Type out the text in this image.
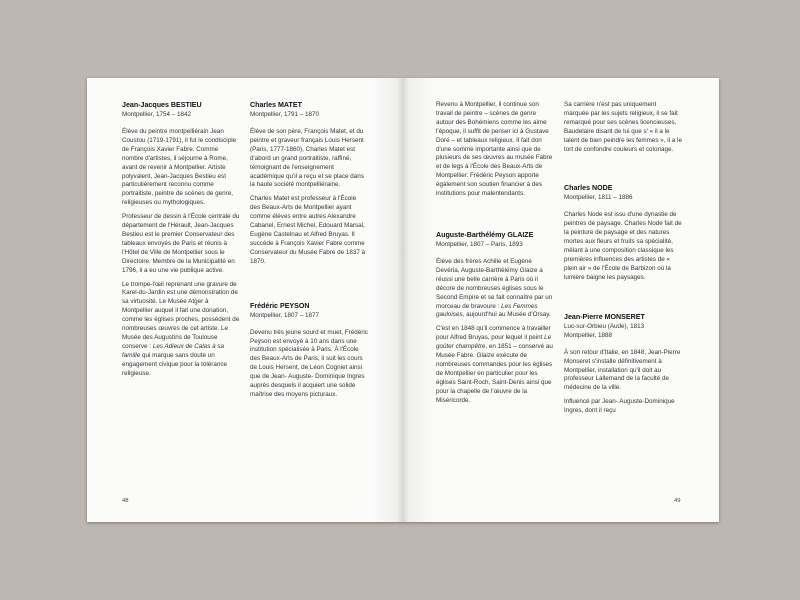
Jean-Jacques BESTIEU
Montpellier, 1754 – 1842

Élève du peintre montpelliérain Jean Coustou (1719-1791), il fut le condisciple de François Xavier Fabre. Comme nombre d'artistes, il séjourne à Rome, avant de revenir à Montpellier. Artiste polyvalent, Jean-Jacques Bestieu est particulièrement reconnu comme portraitiste, peintre de scènes de genre, religieuses ou mythologiques.

Professeur de dessin à l'École centrale du département de l'Hérault, Jean-Jacques Bestieu est le premier Conservateur des tableaux envoyés de Paris et réunis à l'Hôtel de Ville de Montpellier sous le Directoire. Membre de la Municipalité en 1796, il a eu une vie publique active.

Le trompe-l'œil reprenant une gravure de Karel-du-Jardin est une démonstration de sa virtuosité. Le Musée Atger à Montpellier auquel il fait une donation, comme les églises proches, possèdent de nombreuses œuvres de cet artiste. Le Musée des Augustins de Toulouse conserve : Les Adieux de Calas à sa famille qui marque sans doute un engagement civique pour la tolérance religieuse.

Charles MATET
Montpellier, 1791 – 1870

Élève de son père, François Matet, et du peintre et graveur français Louis Hersent (Paris, 1777-1860), Charles Matet est d'abord un grand portraitiste, raffiné, témoignant de l'enseignement académique qu'il a reçu et se place dans la haute société montpelliéraine.

Charles Matet est professeur à l'École des Beaux-Arts de Montpellier ayant comme élèves entre autres Alexandre Cabanel, Ernest Michel, Edouard Marsal, Eugène Castelnau et Alfred Bruyas. Il succède à François Xavier Fabre comme Conservateur du Musée Fabre de 1837 à 1870.

Frédéric PEYSON
Montpellier, 1807 – 1877

Devenu très jeune sourd et muet, Frédéric Peyson est envoyé à 10 ans dans une institution spécialisée à Paris. À l'École des Beaux-Arts de Paris, il suit les cours de Louis Hersent, de Léon Cogniet ainsi que de Jean- Auguste- Dominique Ingres auprès desquels il acquiert une solide maîtrise des moyens picturaux.

48

Revenu à Montpellier, il continue son travail de peintre – scènes de genre autour des Bohémiens comme les aime l'époque, il suffit de penser ici à Gustave Doré – et tableaux religieux. Il fait don d'une somme importante ainsi que de plusieurs de ses œuvres au musée Fabre et de legs à l'École des Beaux-Arts de Montpellier. Frédéric Peyson apporte également son soutien financier à des institutions pour malentendants.

Auguste-Barthélémy GLAIZE
Montpellier, 1807 – Paris, 1893

Élève des frères Achille et Eugène Devéria, Auguste-Barthélémy Glaize a réussi une belle carrière à Paris où il décore de nombreuses églises sous le Second Empire et se fait connaître par un morceau de bravoure : Les Femmes gauloises, aujourd'hui au Musée d'Orsay.

C'est en 1848 qu'il commence à travailler pour Alfred Bruyas, pour lequel il peint Le goûter champêtre, en 1851 – conservé au Musée Fabre. Glaize exécute de nombreuses commandes pour les églises de Montpellier en particulier pour les églises Saint-Roch, Saint-Denis ainsi que pour la chapelle de l'œuvre de la Miséricorde.

Sa carrière n'est pas uniquement marquée par les sujets religieux, il se fait remarqué pour ses scènes licencieuses, Baudelaire disant de lui que s' « il a le talent de bien peindre les femmes », il a le tort de confondre couleurs et coloriage.

Charles NODE
Montpellier, 1811 – 1886

Charles Node est issu d'une dynastie de peintres de paysage. Charles Node fait de la peinture de paysage et des natures mortes aux fleurs et fruits sa spécialité, mêlant à une composition classique les premières influences des artistes de « plein air » de l'École de Barbizon où la lumière baigne les paysages.

Jean-Pierre MONSERET
Luc-sur-Orbieu (Aude), 1813
Montpellier, 1888

À son retour d'Italie, en 1848, Jean-Pierre Monseret s'installe définitivement à Montpellier, installation qu'il doit au professeur Lallemand de la faculté de médecine de la ville.

Influencé par Jean- Auguste-Dominique Ingres, dont il reçu

49
